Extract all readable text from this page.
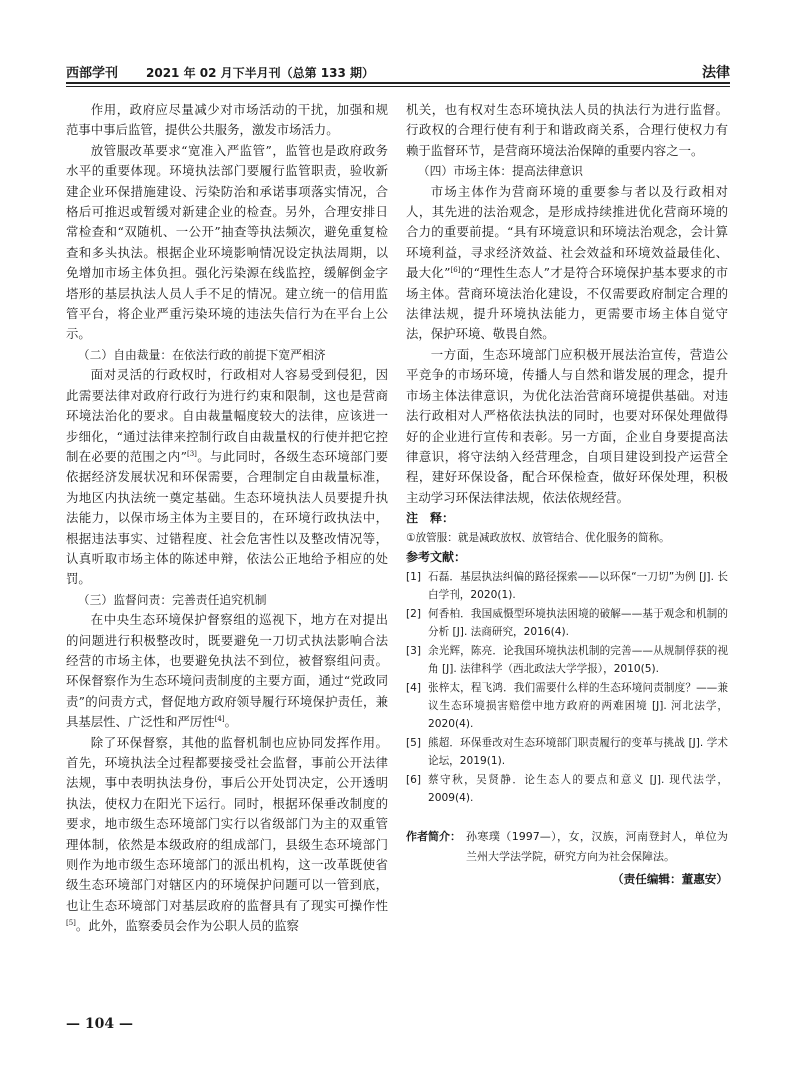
西部学刊 2021 年 02 月下半月刊（总第 133 期）	法律

作用，政府应尽量减少对市场活动的干扰，加强和规范事中事后监管，提供公共服务，激发市场活力。

放管服改革要求“宽准入严监管”，监管也是政府政务水平的重要体现。环境执法部门要履行监管职责，验收新建企业环保措施建设、污染防治和承诺事项落实情况，合格后可推迟或暂缓对新建企业的检查。另外，合理安排日常检查和“双随机、一公开”抽查等执法频次，避免重复检查和多头执法。根据企业环境影响情况设定执法周期，以免增加市场主体负担。强化污染源在线监控，缓解倒金字塔形的基层执法人员人手不足的情况。建立统一的信用监管平台，将企业严重污染环境的违法失信行为在平台上公示。

（二）自由裁量：在依法行政的前提下宽严相济

面对灵活的行政权时，行政相对人容易受到侵犯，因此需要法律对政府行政行为进行约束和限制，这也是营商环境法治化的要求。自由裁量幅度较大的法律，应该进一步细化，“通过法律来控制行政自由裁量权的行使并把它控制在必要的范围之内”[3]。与此同时，各级生态环境部门要依据经济发展状况和环保需要，合理制定自由裁量标准，为地区内执法统一奠定基础。生态环境执法人员要提升执法能力，以保市场主体为主要目的，在环境行政执法中，根据违法事实、过错程度、社会危害性以及整改情况等，认真听取市场主体的陈述申辩，依法公正地给予相应的处罚。

（三）监督问责：完善责任追究机制

在中央生态环境保护督察组的巡视下，地方在对提出的问题进行积极整改时，既要避免一刀切式执法影响合法经营的市场主体，也要避免执法不到位，被督察组问责。环保督察作为生态环境问责制度的主要方面，通过“党政同责”的问责方式，督促地方政府领导履行环境保护责任，兼具基层性、广泛性和严厉性[4]。

除了环保督察，其他的监督机制也应协同发挥作用。首先，环境执法全过程都要接受社会监督，事前公开法律法规，事中表明执法身份，事后公开处罚决定，公开透明执法，使权力在阳光下运行。同时，根据环保垂改制度的要求，地市级生态环境部门实行以省级部门为主的双重管理体制，依然是本级政府的组成部门，县级生态环境部门则作为地市级生态环境部门的派出机构，这一改革既使省级生态环境部门对辖区内的环境保护问题可以一管到底，也让生态环境部门对基层政府的监督具有了现实可操作性[5]。此外，监察委员会作为公职人员的监察

机关，也有权对生态环境执法人员的执法行为进行监督。行政权的合理行使有利于和谐政商关系，合理行使权力有赖于监督环节，是营商环境法治保障的重要内容之一。

（四）市场主体：提高法律意识

市场主体作为营商环境的重要参与者以及行政相对人，其先进的法治观念，是形成持续推进优化营商环境的合力的重要前提。“具有环境意识和环境法治观念，会计算环境利益，寻求经济效益、社会效益和环境效益最佳化、最大化”[6]的“理性生态人”才是符合环境保护基本要求的市场主体。营商环境法治化建设，不仅需要政府制定合理的法律法规，提升环境执法能力，更需要市场主体自觉守法，保护环境、敬畏自然。

一方面，生态环境部门应积极开展法治宣传，营造公平竞争的市场环境，传播人与自然和谐发展的理念，提升市场主体法律意识，为优化法治营商环境提供基础。对违法行政相对人严格依法执法的同时，也要对环保处理做得好的企业进行宣传和表彰。另一方面，企业自身要提高法律意识，将守法纳入经营理念，自项目建设到投产运营全程，建好环保设备，配合环保检查，做好环保处理，积极主动学习环保法律法规，依法依规经营。

注　释：

①放管服：就是减政放权、放管结合、优化服务的简称。

参考文献：

[1] 石磊．基层执法纠偏的路径探索——以环保“一刀切”为例 [J]. 长白学刊，2020(1).
[2] 何香柏．我国威慑型环境执法困境的破解——基于观念和机制的分析 [J]. 法商研究，2016(4).
[3] 余光辉，陈亮．论我国环境执法机制的完善——从规制俘获的视角 [J]. 法律科学（西北政法大学学报），2010(5).
[4] 张梓太，程飞鸿．我们需要什么样的生态环境问责制度？——兼议生态环境损害赔偿中地方政府的两难困境 [J]. 河北法学，2020(4).
[5] 熊超．环保垂改对生态环境部门职责履行的变革与挑战 [J]. 学术论坛，2019(1).
[6] 蔡守秋，吴贤静．论生态人的要点和意义 [J]. 现代法学，2009(4).
作者简介： 孙寒璞（1997—），女，汉族，河南登封人，单位为兰州大学法学院，研究方向为社会保障法。
（责任编辑：董惠安）
— 104 —
